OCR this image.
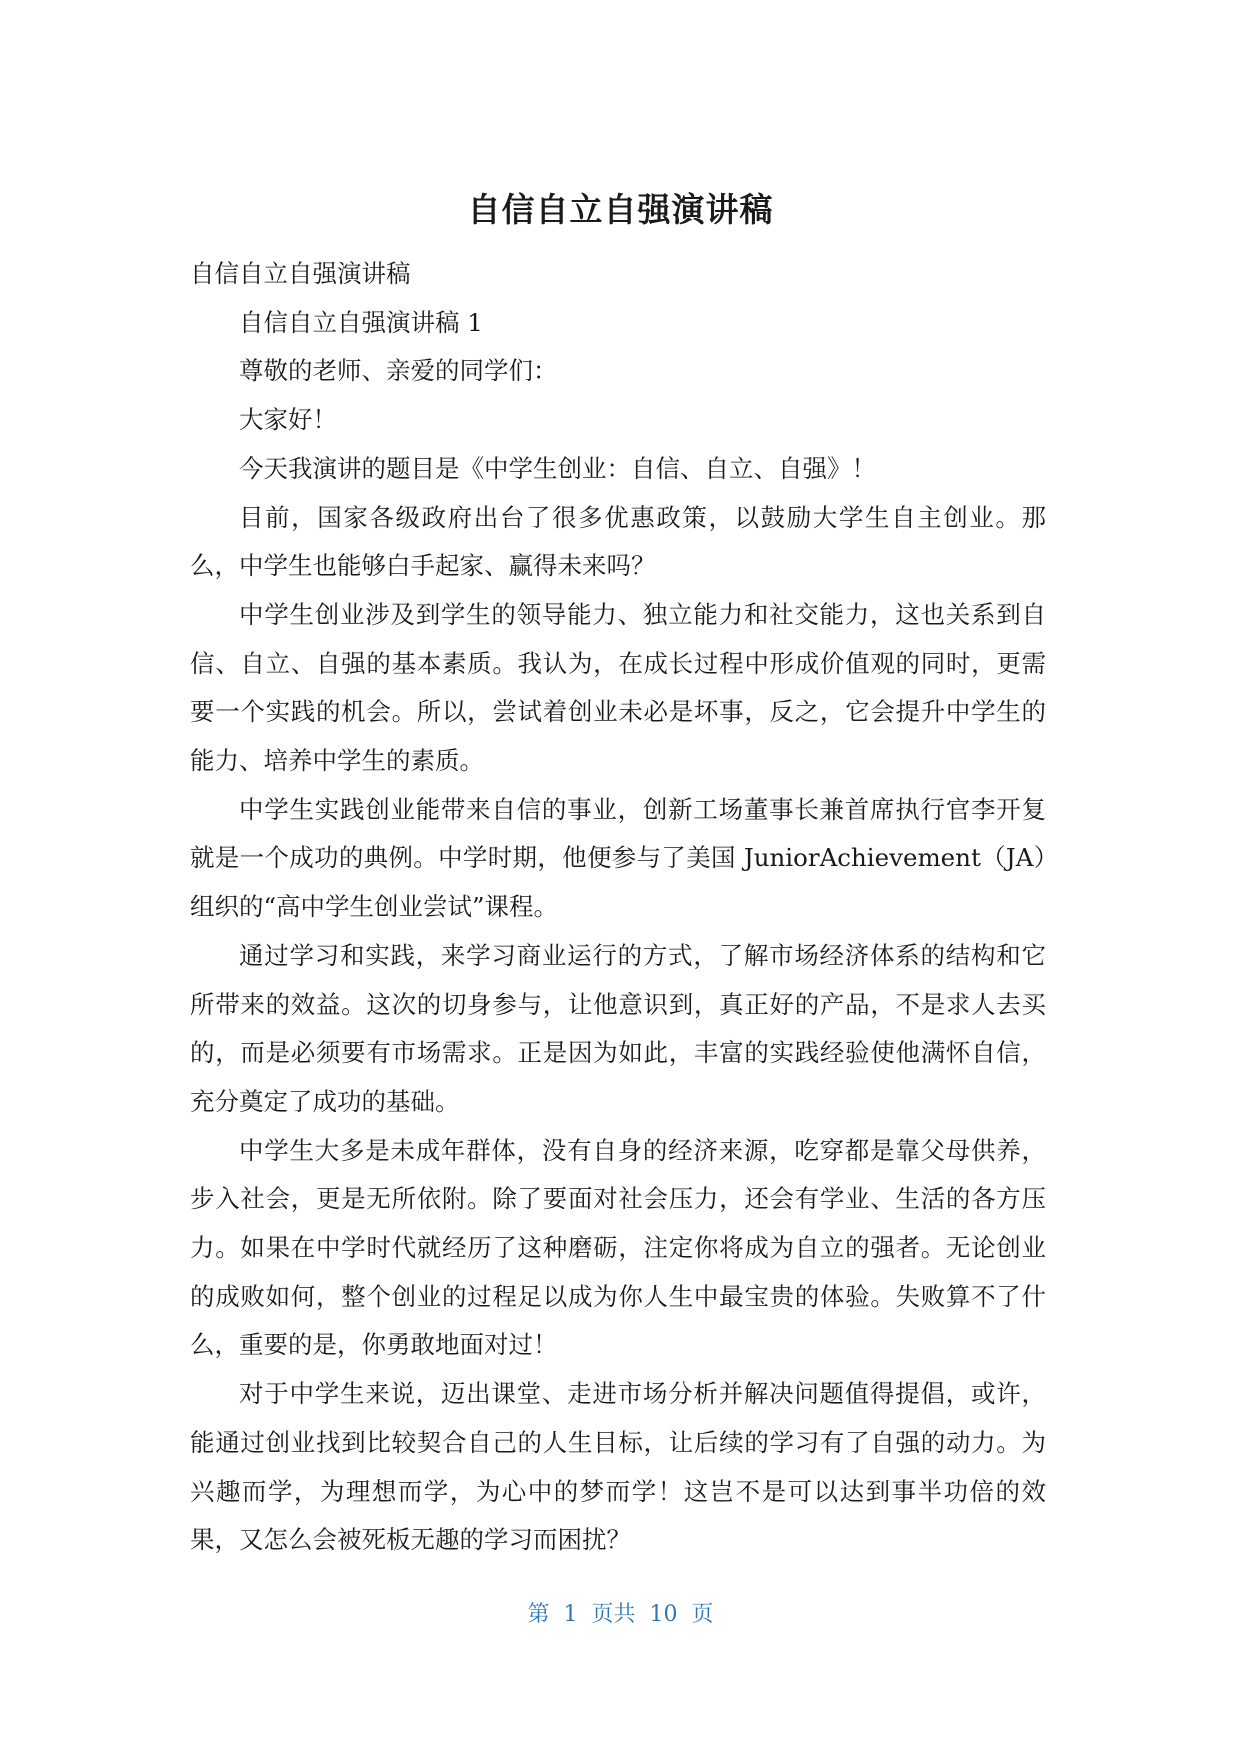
自信自立自强演讲稿

自信自立自强演讲稿

自信自立自强演讲稿 1

尊敬的老师、亲爱的同学们：

大家好！

今天我演讲的题目是《中学生创业：自信、自立、自强》！

目前，国家各级政府出台了很多优惠政策，以鼓励大学生自主创业。那么，中学生也能够白手起家、赢得未来吗？

中学生创业涉及到学生的领导能力、独立能力和社交能力，这也关系到自信、自立、自强的基本素质。我认为，在成长过程中形成价值观的同时，更需要一个实践的机会。所以，尝试着创业未必是坏事，反之，它会提升中学生的能力、培养中学生的素质。

中学生实践创业能带来自信的事业，创新工场董事长兼首席执行官李开复就是一个成功的典例。中学时期，他便参与了美国 JuniorAchievement（JA）组织的“高中学生创业尝试”课程。

通过学习和实践，来学习商业运行的方式，了解市场经济体系的结构和它所带来的效益。这次的切身参与，让他意识到，真正好的产品，不是求人去买的，而是必须要有市场需求。正是因为如此，丰富的实践经验使他满怀自信，充分奠定了成功的基础。

中学生大多是未成年群体，没有自身的经济来源，吃穿都是靠父母供养，步入社会，更是无所依附。除了要面对社会压力，还会有学业、生活的各方压力。如果在中学时代就经历了这种磨砺，注定你将成为自立的强者。无论创业的成败如何，整个创业的过程足以成为你人生中最宝贵的体验。失败算不了什么，重要的是，你勇敢地面对过！

对于中学生来说，迈出课堂、走进市场分析并解决问题值得提倡，或许，能通过创业找到比较契合自己的人生目标，让后续的学习有了自强的动力。为兴趣而学，为理想而学，为心中的梦而学！这岂不是可以达到事半功倍的效果，又怎么会被死板无趣的学习而困扰？

第  1  页共  10  页
